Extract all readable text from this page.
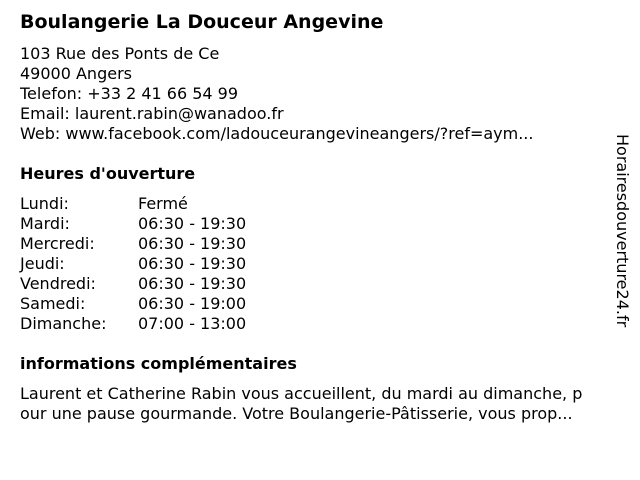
Boulangerie La Douceur Angevine
103 Rue des Ponts de Ce
49000 Angers
Telefon: +33 2 41 66 54 99
Email: laurent.rabin@wanadoo.fr
Web: www.facebook.com/ladouceurangevineangers/?ref=aym...
Heures d'ouverture
Lundi:	Fermé
Mardi:	06:30 - 19:30
Mercredi:	06:30 - 19:30
Jeudi:	06:30 - 19:30
Vendredi:	06:30 - 19:30
Samedi:	06:30 - 19:00
Dimanche:	07:00 - 13:00
informations complémentaires
Laurent et Catherine Rabin vous accueillent, du mardi au dimanche, p
our une pause gourmande. Votre Boulangerie-Pâtisserie, vous prop...
Horairesdouverture24.fr
